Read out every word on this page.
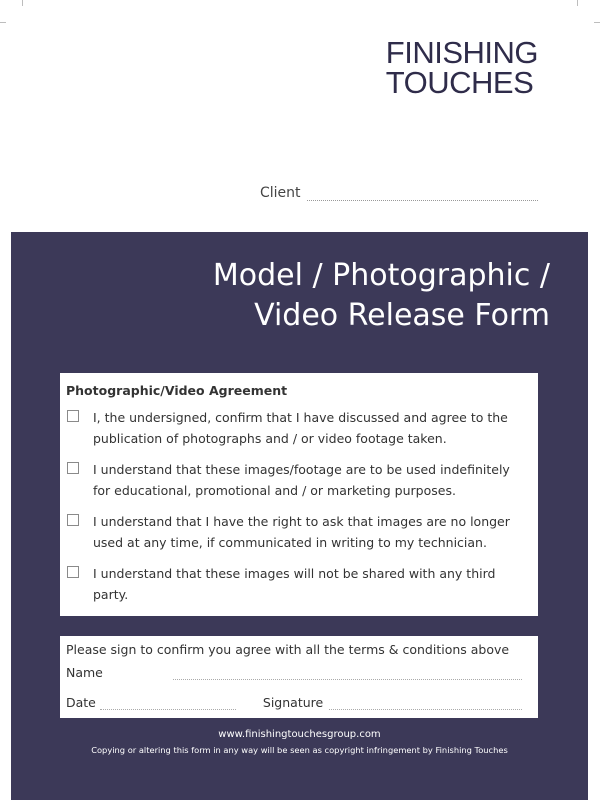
FINISHING
TOUCHES
Client
Model / Photographic /
Video Release Form
Photographic/Video Agreement
I, the undersigned, confirm that I have discussed and agree to the
publication of photographs and / or video footage taken.
I understand that these images/footage are to be used indefinitely
for educational, promotional and / or marketing purposes.
I understand that I have the right to ask that images are no longer
used at any time, if communicated in writing to my technician.
I understand that these images will not be shared with any third
party.
Please sign to confirm you agree with all the terms & conditions above
Name
Date	Signature
www.finishingtouchesgroup.com
Copying or altering this form in any way will be seen as copyright infringement by Finishing Touches
